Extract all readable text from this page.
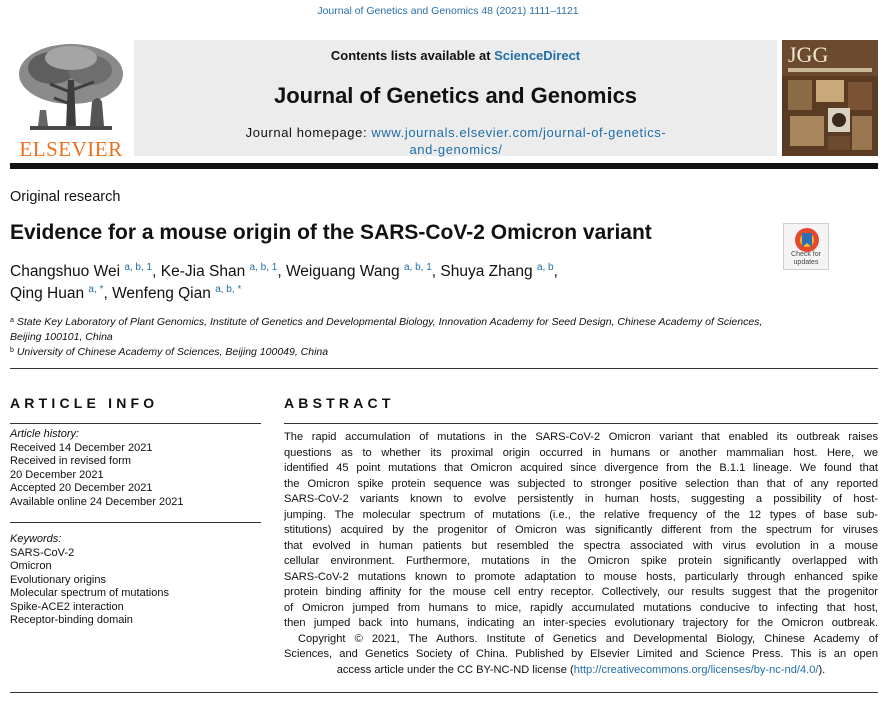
Journal of Genetics and Genomics 48 (2021) 1111–1121
ELSEVIER
Contents lists available at ScienceDirect
Journal of Genetics and Genomics
Journal homepage: www.journals.elsevier.com/journal-of-genetics-
and-genomics/
JGG
Original research
Evidence for a mouse origin of the SARS-CoV-2 Omicron variant
Check for updates
Changshuo Wei $^{a, b, 1}$, Ke-Jia Shan $^{a, b, 1}$, Weiguang Wang $^{a, b, 1}$, Shuya Zhang $^{a, b}$,
Qing Huan $^{a, *}$, Wenfeng Qian $^{a, b, *}$
$^a$ State Key Laboratory of Plant Genomics, Institute of Genetics and Developmental Biology, Innovation Academy for Seed Design, Chinese Academy of Sciences, Beijing 100101, China
$^b$ University of Chinese Academy of Sciences, Beijing 100049, China
ARTICLE INFO
Article history:
Received 14 December 2021
Received in revised form
20 December 2021
Accepted 20 December 2021
Available online 24 December 2021
Keywords:
SARS-CoV-2
Omicron
Evolutionary origins
Molecular spectrum of mutations
Spike-ACE2 interaction
Receptor-binding domain
ABSTRACT
The rapid accumulation of mutations in the SARS-CoV-2 Omicron variant that enabled its outbreak raises
questions as to whether its proximal origin occurred in humans or another mammalian host. Here, we
identified 45 point mutations that Omicron acquired since divergence from the B.1.1 lineage. We found that
the Omicron spike protein sequence was subjected to stronger positive selection than that of any reported
SARS-CoV-2 variants known to evolve persistently in human hosts, suggesting a possibility of host-
jumping. The molecular spectrum of mutations (i.e., the relative frequency of the 12 types of base sub-
stitutions) acquired by the progenitor of Omicron was significantly different from the spectrum for viruses
that evolved in human patients but resembled the spectra associated with virus evolution in a mouse
cellular environment. Furthermore, mutations in the Omicron spike protein significantly overlapped with
SARS-CoV-2 mutations known to promote adaptation to mouse hosts, particularly through enhanced spike
protein binding affinity for the mouse cell entry receptor. Collectively, our results suggest that the progenitor
of Omicron jumped from humans to mice, rapidly accumulated mutations conducive to infecting that host,
then jumped back into humans, indicating an inter-species evolutionary trajectory for the Omicron outbreak.
Copyright © 2021, The Authors. Institute of Genetics and Developmental Biology, Chinese Academy of
Sciences, and Genetics Society of China. Published by Elsevier Limited and Science Press. This is an open
access article under the CC BY-NC-ND license (http://creativecommons.org/licenses/by-nc-nd/4.0/).
